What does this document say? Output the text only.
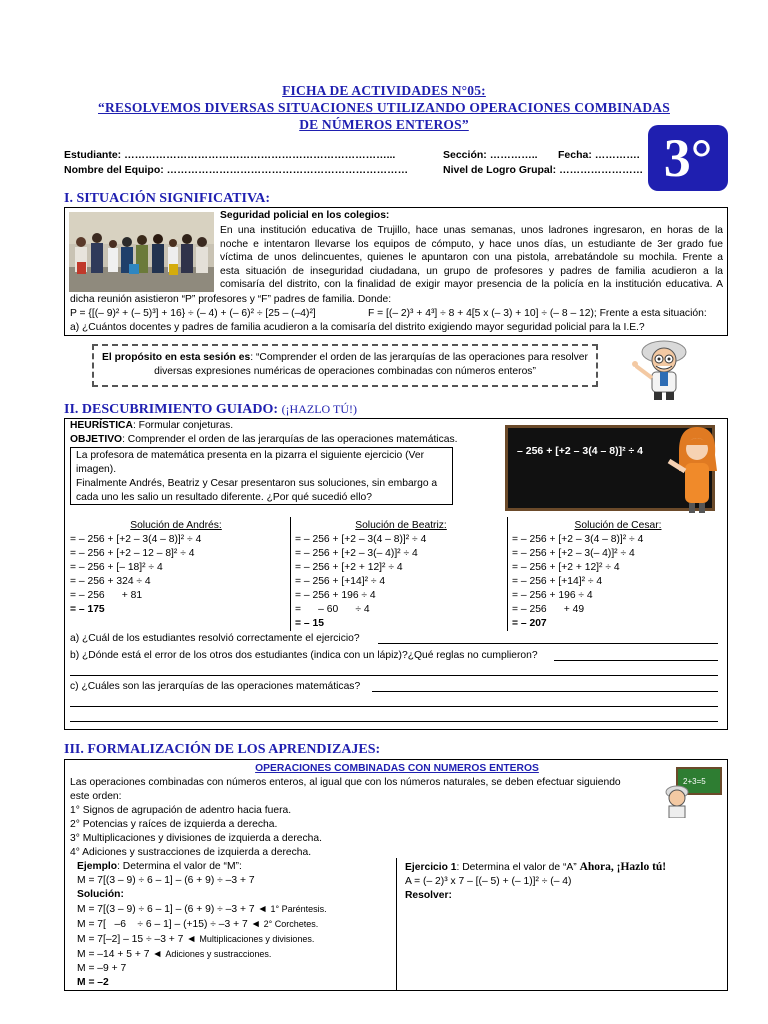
FICHA DE ACTIVIDADES N°05:
“RESOLVEMOS DIVERSAS SITUACIONES UTILIZANDO OPERACIONES COMBINADAS
DE NÚMEROS ENTEROS”
3°
Estudiante: …………………………………………………………………...
Nombre del Equipo: ……………………………………………………………
Sección: ………….. Fecha: ………….
Nivel de Logro Grupal: ……………………
I. SITUACIÓN SIGNIFICATIVA:
Seguridad policial en los colegios:
En una institución educativa de Trujillo, hace unas semanas, unos ladrones ingresaron, en horas de la
noche e intentaron llevarse los equipos de cómputo, y hace unos días, un estudiante de 3er grado fue
víctima de unos delincuentes, quienes le apuntaron con una pistola, arrebatándole su mochila. Frente a
esta situación de inseguridad ciudadana, un grupo de profesores y padres de familia acudieron a la
comisaría del distrito, con la finalidad de exigir mayor presencia de la policía en la institución educativa. A
dicha reunión asistieron “P” profesores y “F” padres de familia. Donde:
P = {[(– 9)² + (– 5)³] + 16} ÷ (– 4) + (– 6)² ÷ [25 – (–4)²]	F = [(– 2)³ + 4³] ÷ 8 + 4[5 x (– 3) + 10] ÷ (– 8 – 12); Frente a esta situación:
a) ¿Cuántos docentes y padres de familia acudieron a la comisaría del distrito exigiendo mayor seguridad policial para la I.E.?
El propósito en esta sesión es: “Comprender el orden de las jerarquías de las operaciones para resolver
diversas expresiones numéricas de operaciones combinadas con números enteros”
II. DESCUBRIMIENTO GUIADO: (¡HAZLO TÚ!)
HEURÍSTICA: Formular conjeturas.
OBJETIVO: Comprender el orden de las jerarquías de las operaciones matemáticas.
La profesora de matemática presenta en la pizarra el siguiente ejercicio (Ver
imagen).
Finalmente Andrés, Beatriz y Cesar presentaron sus soluciones, sin embargo a
cada uno les salio un resultado diferente. ¿Por qué sucedió ello?
– 256 + [+2 – 3(4 – 8)]² ÷ 4
Solución de Andrés:
= – 256 + [+2 – 3(4 – 8)]² ÷ 4
= – 256 + [+2 – 12 – 8]² ÷ 4
= – 256 + [– 18]² ÷ 4
= – 256 + 324 ÷ 4
= – 256      + 81
= – 175
Solución de Beatriz:
= – 256 + [+2 – 3(4 – 8)]² ÷ 4
= – 256 + [+2 – 3(– 4)]² ÷ 4
= – 256 + [+2 + 12]² ÷ 4
= – 256 + [+14]² ÷ 4
= – 256 + 196 ÷ 4
=      – 60      ÷ 4
= – 15
Solución de Cesar:
= – 256 + [+2 – 3(4 – 8)]² ÷ 4
= – 256 + [+2 – 3(– 4)]² ÷ 4
= – 256 + [+2 + 12]² ÷ 4
= – 256 + [+14]² ÷ 4
= – 256 + 196 ÷ 4
= – 256      + 49
= – 207
a) ¿Cuál de los estudiantes resolvió correctamente el ejercicio?
b) ¿Dónde está el error de los otros dos estudiantes (indica con un lápiz)?¿Qué reglas no cumplieron?
c) ¿Cuáles son las jerarquías de las operaciones matemáticas?
III. FORMALIZACIÓN DE LOS APRENDIZAJES:
OPERACIONES COMBINADAS CON NUMEROS ENTEROS
Las operaciones combinadas con números enteros, al igual que con los números naturales, se deben efectuar siguiendo
este orden:
1° Signos de agrupación de adentro hacia fuera.
2° Potencias y raíces de izquierda a derecha.
3° Multiplicaciones y divisiones de izquierda a derecha.
4° Adiciones y sustracciones de izquierda a derecha.
2+3=5
Ejemplo: Determina el valor de “M”:
M = 7[(3 – 9) ÷ 6 – 1] – (6 + 9) ÷ –3 + 7
Solución:
M = 7[(3 – 9) ÷ 6 – 1] – (6 + 9) ÷ –3 + 7 ◄ 1° Paréntesis.
M = 7[   –6    ÷ 6 – 1] – (+15) ÷ –3 + 7 ◄ 2° Corchetes.
M = 7[–2] – 15 ÷ –3 + 7 ◄ Multiplicaciones y divisiones.
M = –14 + 5 + 7 ◄ Adiciones y sustracciones.
M = –9 + 7
M = –2
Ejercicio 1: Determina el valor de “A” Ahora, ¡Hazlo tú!
A = (– 2)³ x 7 – [(– 5) + (– 1)]² ÷ (– 4)
Resolver:
